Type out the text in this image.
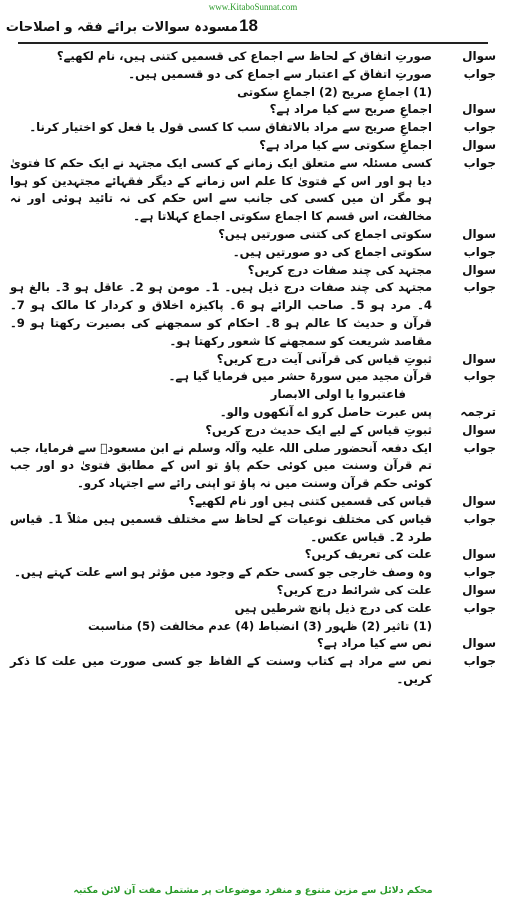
www.KitaboSunnat.com
مسودہ سوالات برائے فقہ و اصلاحات 18
سوال
صورتِ اتفاق کے لحاظ سے اجماع کی قسمیں کتنی ہیں، نام لکھیے؟
جواب
صورتِ اتفاق کے اعتبار سے اجماع کی دو قسمیں ہیں۔
(1) اجماعِ صریح (2) اجماعِ سکوتی
سوال
اجماعِ صریح سے کیا مراد ہے؟
جواب
اجماعِ صریح سے مراد بالاتفاق سب کا کسی قول یا فعل کو اختیار کرنا۔
سوال
اجماعِ سکوتی سے کیا مراد ہے؟
جواب
کسی مسئلہ سے متعلق ایک زمانے کے کسی ایک مجتہد نے ایک حکم کا فتویٰ دیا ہو اور اس کے فتویٰ کا علم اس زمانے کے دیگر فقہائے مجتہدین کو ہوا ہو مگر ان میں کسی کی جانب سے اس حکم کی نہ تائید ہوئی اور نہ مخالفت، اس قسم کا اجماع سکوتی اجماع کہلاتا ہے۔
سوال
سکوتی اجماع کی کتنی صورتیں ہیں؟
جواب
سکوتی اجماع کی دو صورتیں ہیں۔
سوال
مجتہد کی چند صفات درج کریں؟
جواب
مجتہد کی چند صفات درج ذیل ہیں۔ 1۔ مومن ہو 2۔ عاقل ہو 3۔ بالغ ہو 4۔ مرد ہو 5۔ صاحب الرائے ہو 6۔ پاکیزہ اخلاق و کردار کا مالک ہو 7۔ قرآن و حدیث کا عالم ہو 8۔ احکام کو سمجھنے کی بصیرت رکھتا ہو 9۔ مقاصد شریعت کو سمجھنے کا شعور رکھتا ہو۔
سوال
ثبوتِ قیاس کی قرآنی آیت درج کریں؟
جواب
قرآن مجید میں سورۃ حشر میں فرمایا گیا ہے۔
فاعتبروا یا اولی الابصار
ترجمہ
پس عبرت حاصل کرو اے آنکھوں والو۔
سوال
ثبوتِ قیاس کے لیے ایک حدیث درج کریں؟
جواب
ایک دفعہ آنحضور صلی اللہ علیہ وآلہ وسلم نے ابن مسعودؓ سے فرمایا، جب تم قرآن وسنت میں کوئی حکم پاؤ تو اس کے مطابق فتویٰ دو اور جب کوئی حکم قرآن وسنت میں نہ پاؤ تو اپنی رائے سے اجتہاد کرو۔
سوال
قیاس کی قسمیں کتنی ہیں اور نام لکھیے؟
جواب
قیاس کی مختلف نوعیات کے لحاظ سے مختلف قسمیں ہیں مثلاً 1۔ قیاس طرد 2۔ قیاس عکس۔
سوال
علت کی تعریف کریں؟
جواب
وہ وصف خارجی جو کسی حکم کے وجود میں مؤثر ہو اسے علت کہتے ہیں۔
سوال
علت کی شرائط درج کریں؟
جواب
علت کی درج ذیل پانچ شرطیں ہیں
(1) تاثیر (2) ظہور (3) انضباط (4) عدم مخالفت (5) مناسبت
سوال
نص سے کیا مراد ہے؟
جواب
نص سے مراد ہے کتاب وسنت کے الفاظ جو کسی صورت میں علت کا ذکر کریں۔
محکم دلائل سے مزین متنوع و منفرد موضوعات پر مشتمل مفت آن لائن مکتبہ
